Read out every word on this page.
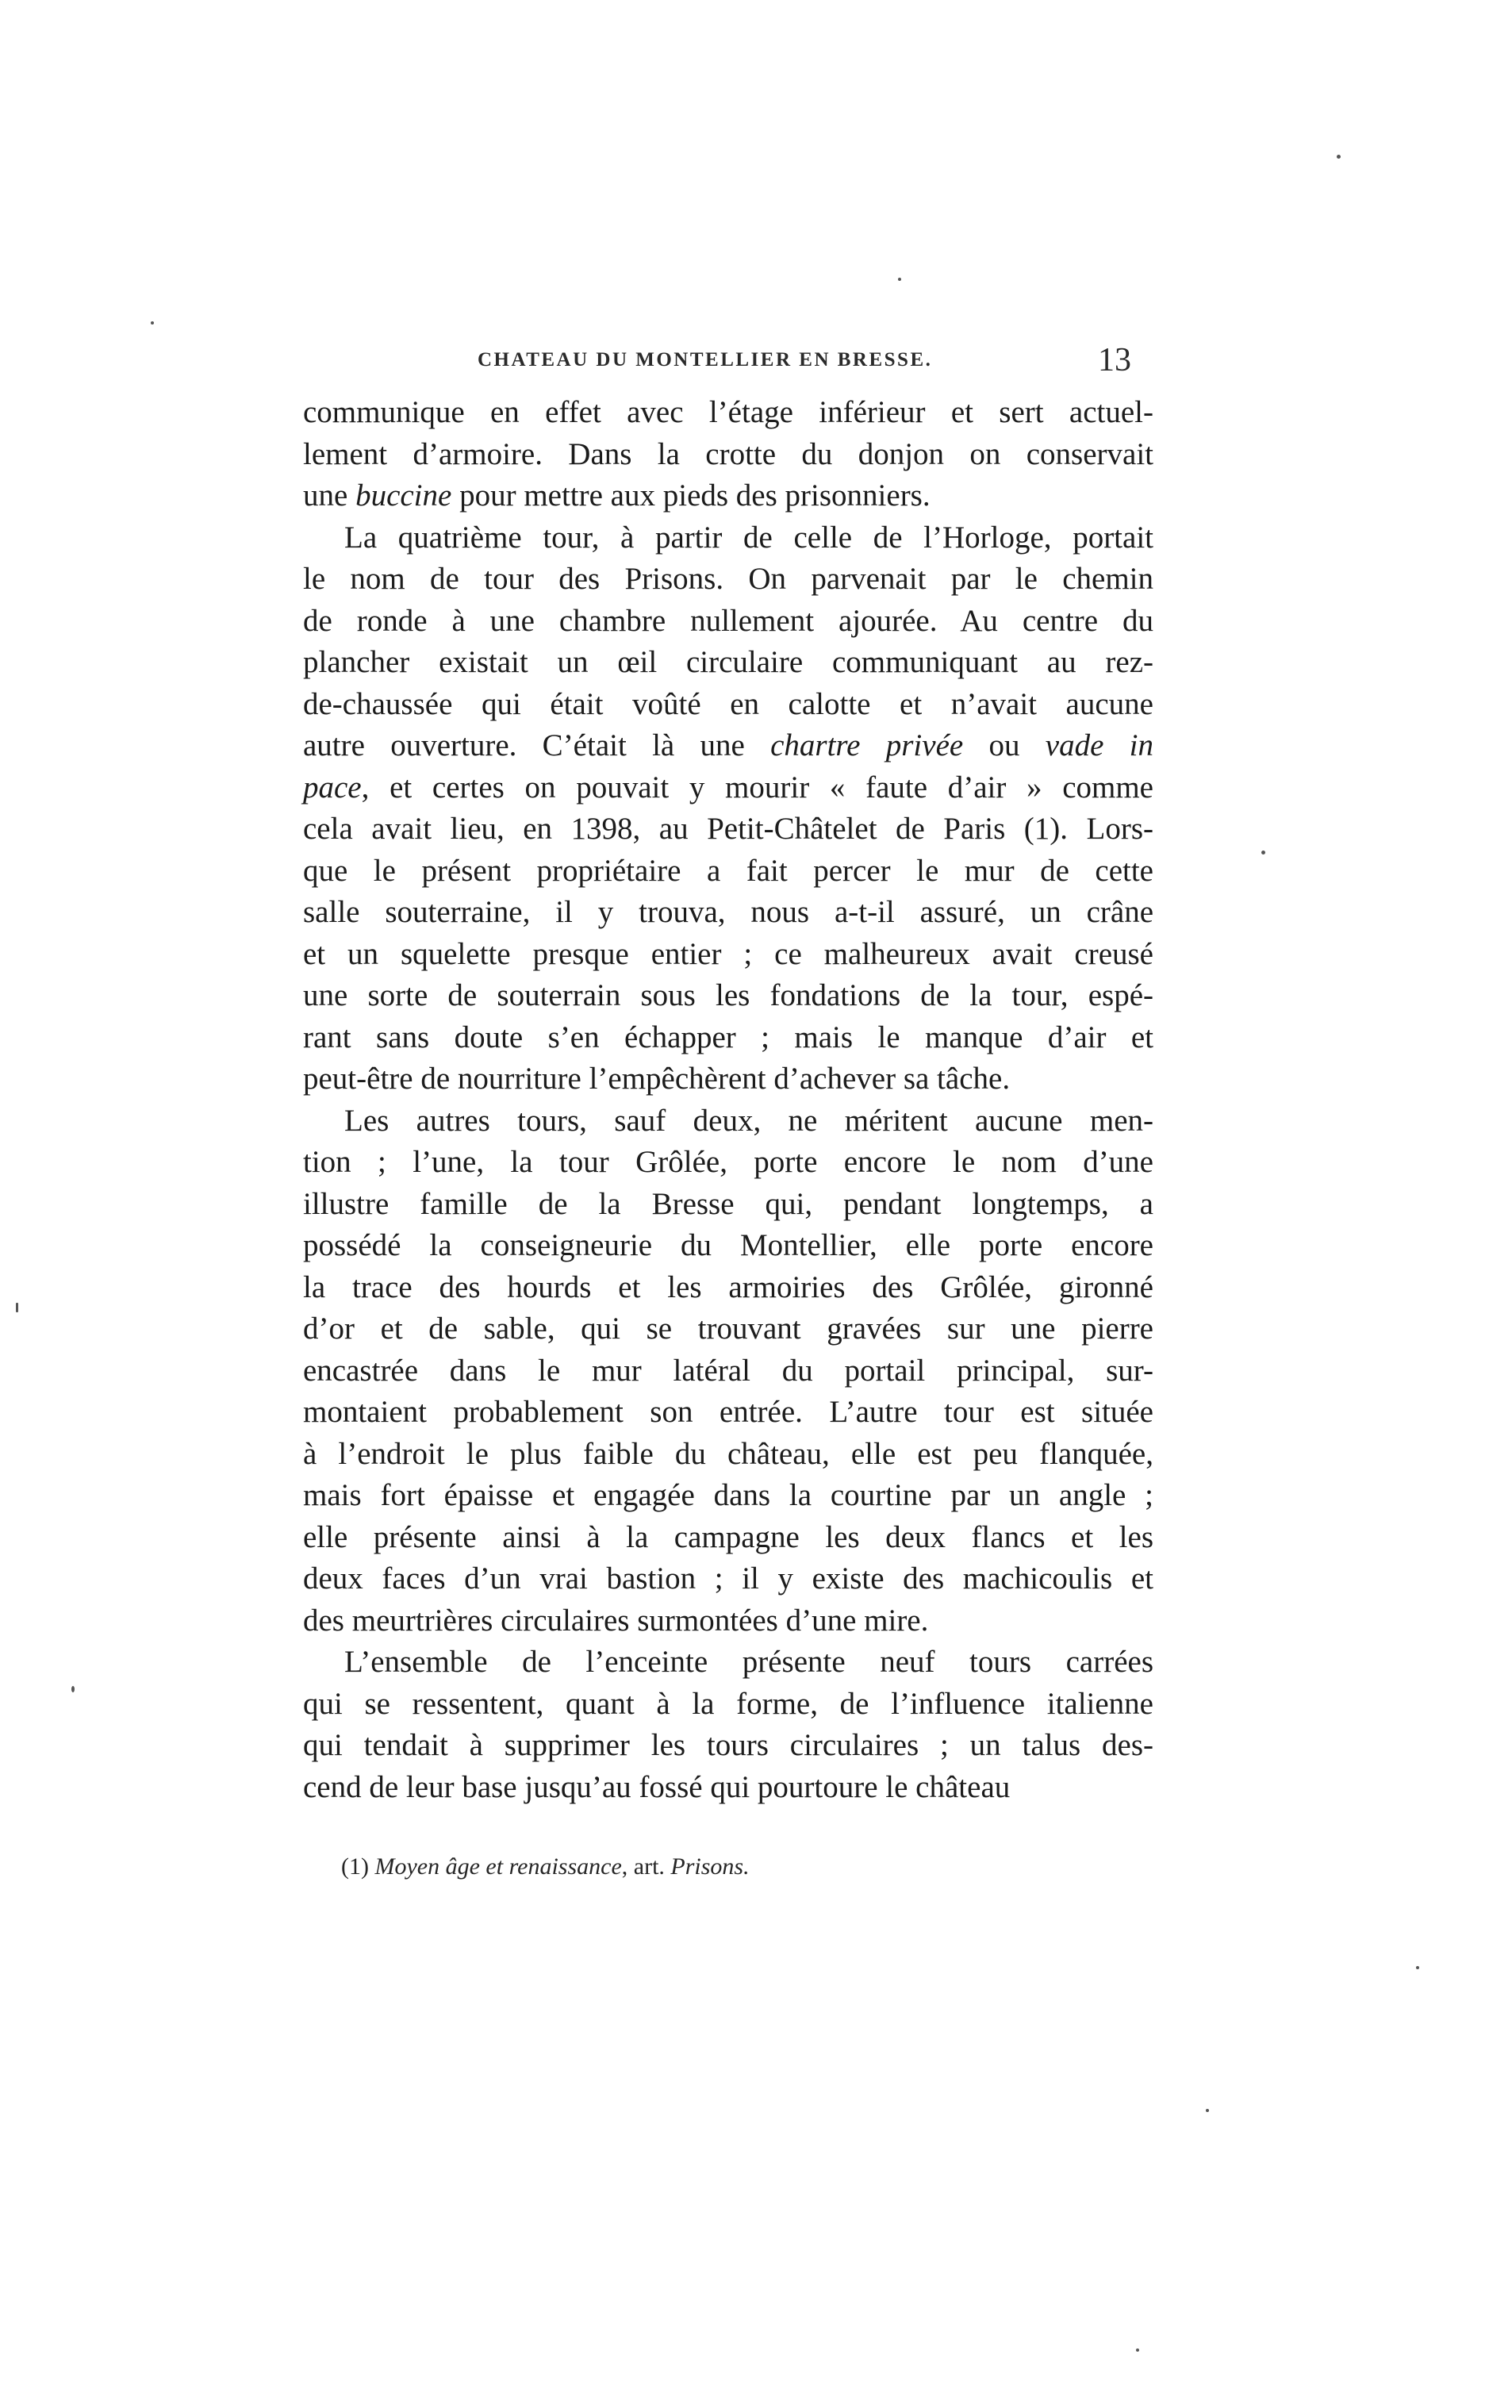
CHATEAU DU MONTELLIER EN BRESSE.	13
communique en effet avec l’étage inférieur et sert actuel-
lement d’armoire. Dans la crotte du donjon on conservait
une buccine pour mettre aux pieds des prisonniers.
La quatrième tour, à partir de celle de l’Horloge, portait
le nom de tour des Prisons. On parvenait par le chemin
de ronde à une chambre nullement ajourée. Au centre du
plancher existait un œil circulaire communiquant au rez-
de-chaussée qui était voûté en calotte et n’avait aucune
autre ouverture. C’était là une chartre privée ou vade in
pace, et certes on pouvait y mourir « faute d’air » comme
cela avait lieu, en 1398, au Petit-Châtelet de Paris (1). Lors-
que le présent propriétaire a fait percer le mur de cette
salle souterraine, il y trouva, nous a-t-il assuré, un crâne
et un squelette presque entier ; ce malheureux avait creusé
une sorte de souterrain sous les fondations de la tour, espé-
rant sans doute s’en échapper ; mais le manque d’air et
peut-être de nourriture l’empêchèrent d’achever sa tâche.
Les autres tours, sauf deux, ne méritent aucune men-
tion ; l’une, la tour Grôlée, porte encore le nom d’une
illustre famille de la Bresse qui, pendant longtemps, a
possédé la conseigneurie du Montellier, elle porte encore
la trace des hourds et les armoiries des Grôlée, gironné
d’or et de sable, qui se trouvant gravées sur une pierre
encastrée dans le mur latéral du portail principal, sur-
montaient probablement son entrée. L’autre tour est située
à l’endroit le plus faible du château, elle est peu flanquée,
mais fort épaisse et engagée dans la courtine par un angle ;
elle présente ainsi à la campagne les deux flancs et les
deux faces d’un vrai bastion ; il y existe des machicoulis et
des meurtrières circulaires surmontées d’une mire.
L’ensemble de l’enceinte présente neuf tours carrées
qui se ressentent, quant à la forme, de l’influence italienne
qui tendait à supprimer les tours circulaires ; un talus des-
cend de leur base jusqu’au fossé qui pourtoure le château
(1) Moyen âge et renaissance, art. Prisons.
